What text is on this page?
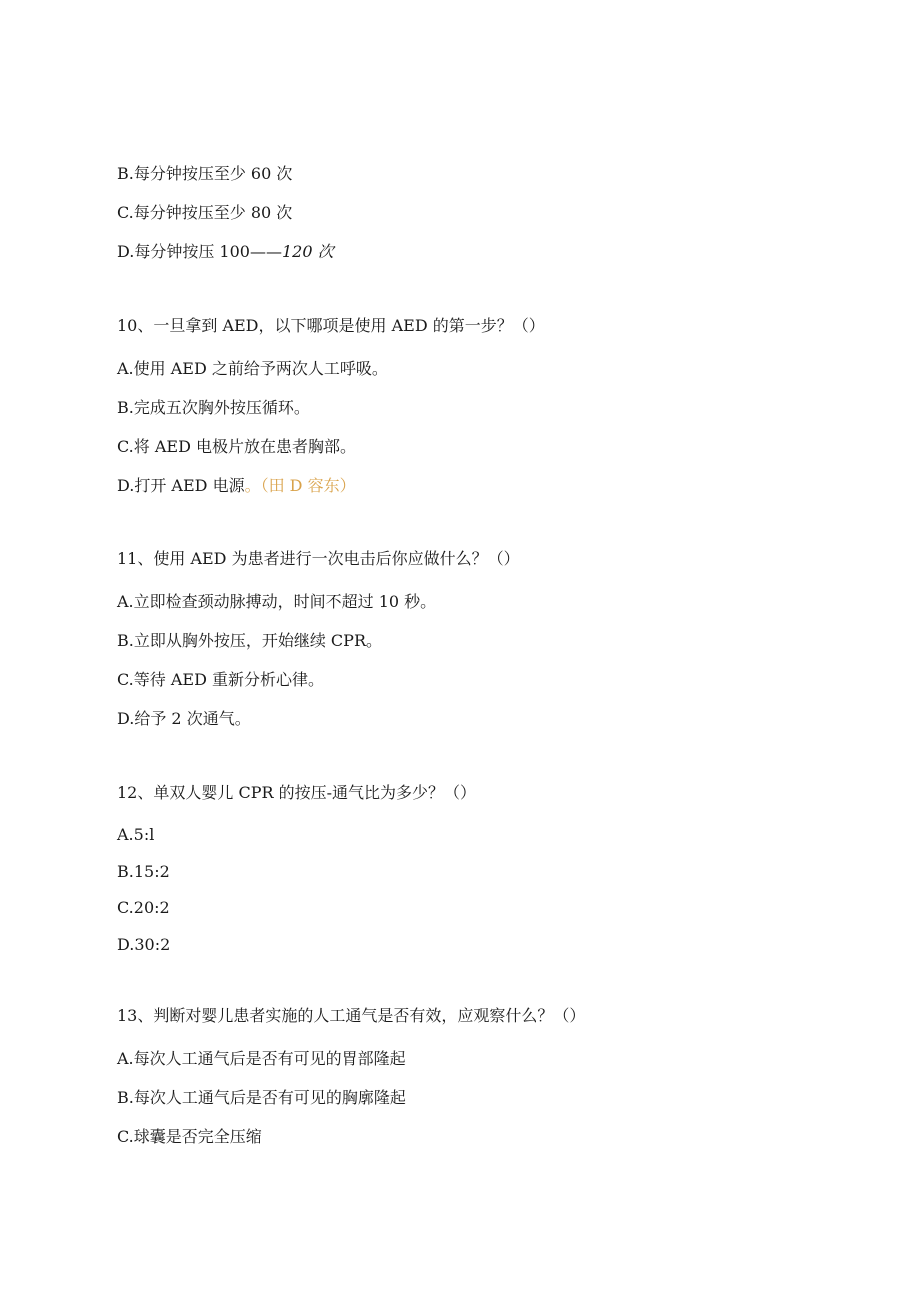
B.每分钟按压至少 60 次
C.每分钟按压至少 80 次
D.每分钟按压 100——120 次
10、一旦拿到 AED，以下哪项是使用 AED 的第一步？（）
A.使用 AED 之前给予两次人工呼吸。
B.完成五次胸外按压循环。
C.将 AED 电极片放在患者胸部。
D.打开 AED 电源。（田 D 容东）
11、使用 AED 为患者进行一次电击后你应做什么？（）
A.立即检查颈动脉搏动，时间不超过 10 秒。
B.立即从胸外按压，开始继续 CPR。
C.等待 AED 重新分析心律。
D.给予 2 次通气。
12、单双人婴儿 CPR 的按压-通气比为多少？（）
A.5:l
B.15:2
C.20:2
D.30:2
13、判断对婴儿患者实施的人工通气是否有效，应观察什么？（）
A.每次人工通气后是否有可见的胃部隆起
B.每次人工通气后是否有可见的胸廓隆起
C.球囊是否完全压缩
